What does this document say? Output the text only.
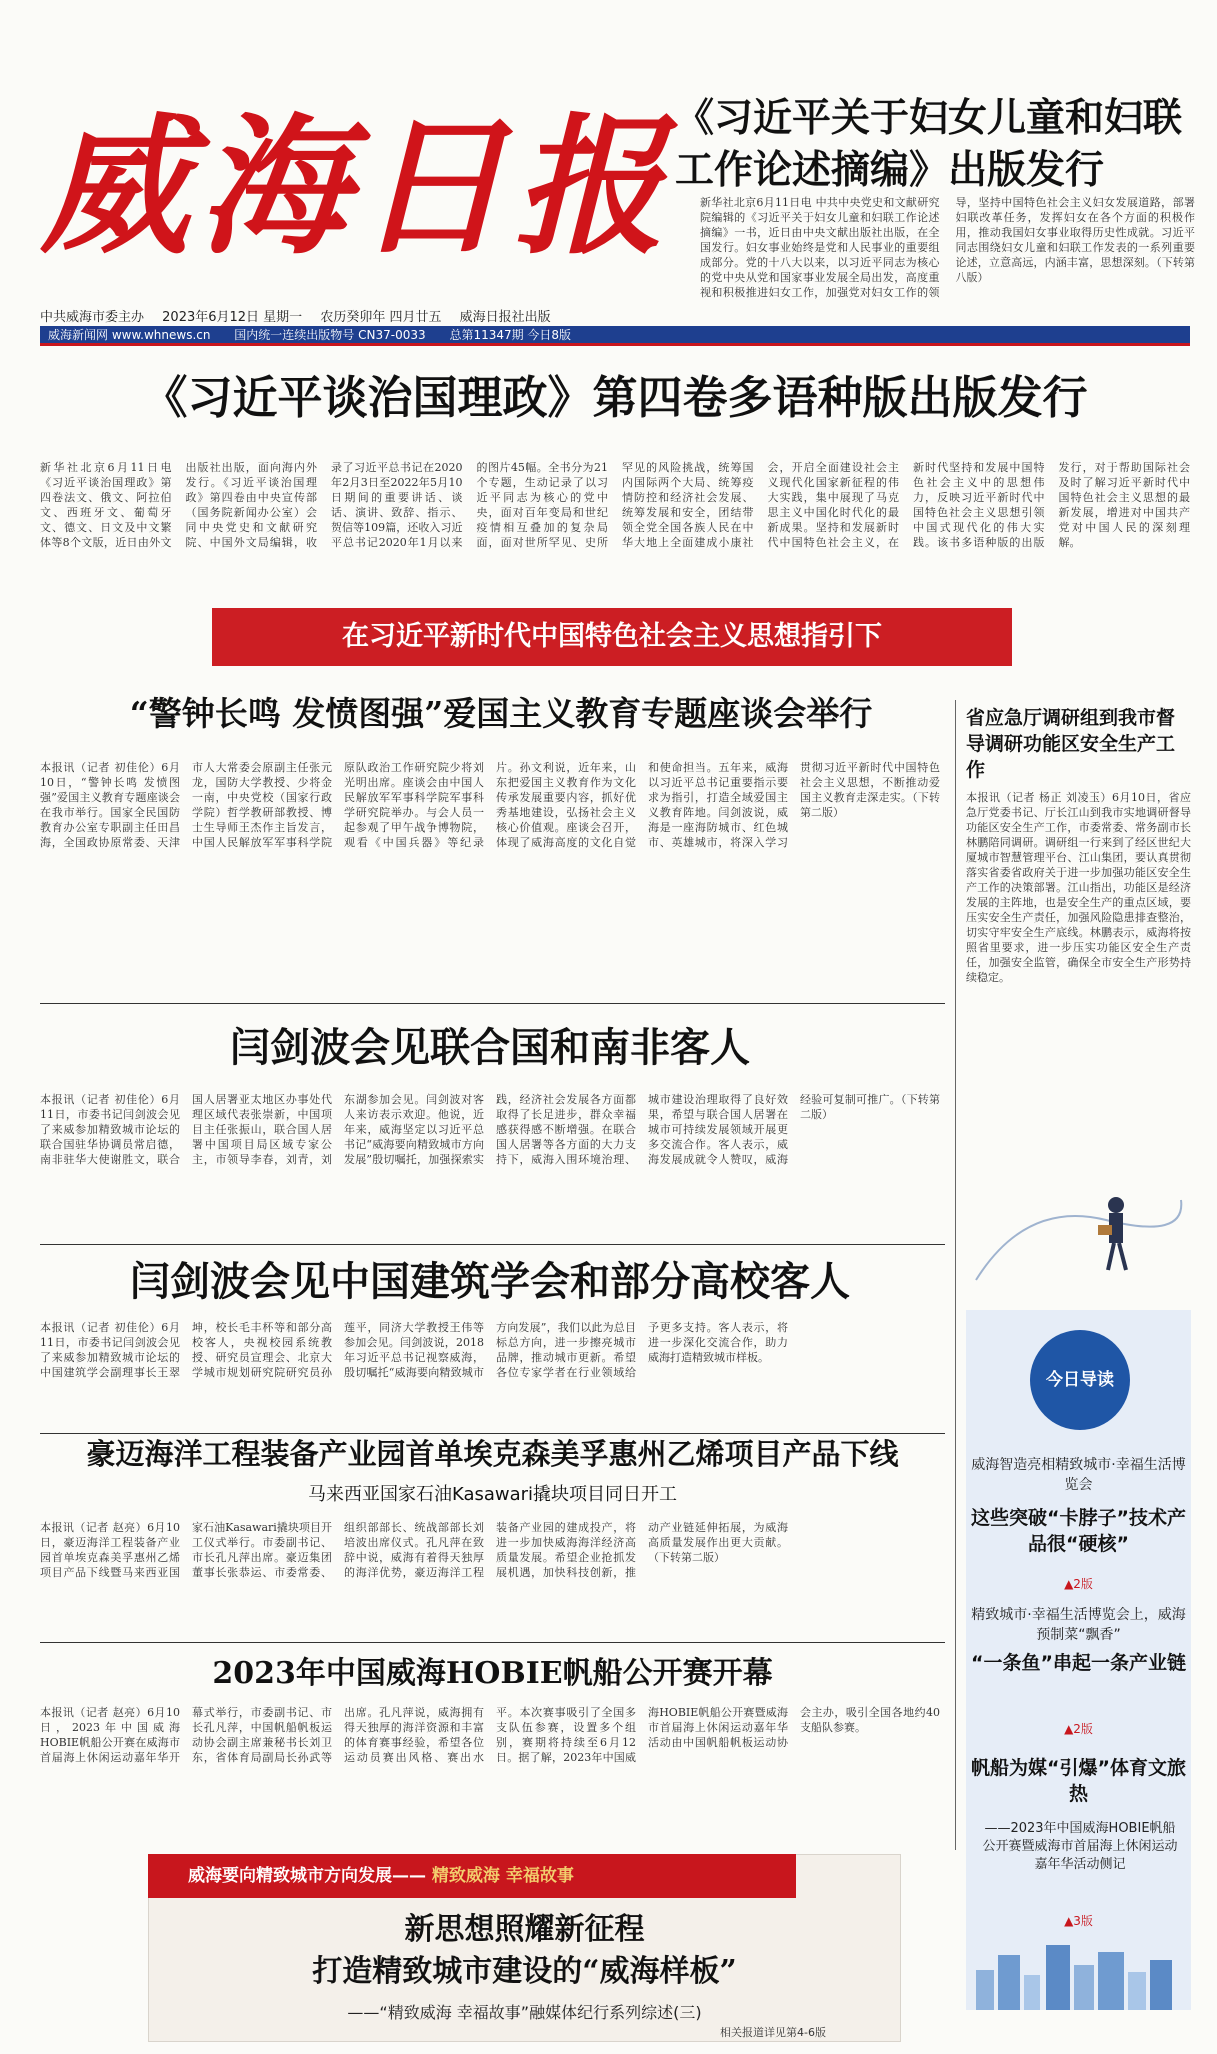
威海日报
中共威海市委主办 2023年6月12日 星期一 农历癸卯年 四月廿五 威海日报社出版
威海新闻网 www.whnews.cn 国内统一连续出版物号 CN37-0033 总第11347期 今日8版
《习近平关于妇女儿童和妇联工作论述摘编》出版发行
新华社北京6月11日电 中共中央党史和文献研究院编辑的《习近平关于妇女儿童和妇联工作论述摘编》一书，近日由中央文献出版社出版，在全国发行。妇女事业始终是党和人民事业的重要组成部分。党的十八大以来，以习近平同志为核心的党中央从党和国家事业发展全局出发，高度重视和积极推进妇女工作，加强党对妇女工作的领导，坚持中国特色社会主义妇女发展道路，部署妇联改革任务，发挥妇女在各个方面的积极作用，推动我国妇女事业取得历史性成就。习近平同志围绕妇女儿童和妇联工作发表的一系列重要论述，立意高远，内涵丰富，思想深刻。（下转第八版）
《习近平谈治国理政》第四卷多语种版出版发行
新华社北京6月11日电 《习近平谈治国理政》第四卷法文、俄文、阿拉伯文、西班牙文、葡萄牙文、德文、日文及中文繁体等8个文版，近日由外文出版社出版，面向海内外发行。《习近平谈治国理政》第四卷由中央宣传部（国务院新闻办公室）会同中央党史和文献研究院、中国外文局编辑，收录了习近平总书记在2020年2月3日至2022年5月10日期间的重要讲话、谈话、演讲、致辞、指示、贺信等109篇，还收入习近平总书记2020年1月以来的图片45幅。全书分为21个专题，生动记录了以习近平同志为核心的党中央，面对百年变局和世纪疫情相互叠加的复杂局面，面对世所罕见、史所罕见的风险挑战，统筹国内国际两个大局、统筹疫情防控和经济社会发展、统筹发展和安全，团结带领全党全国各族人民在中华大地上全面建成小康社会，开启全面建设社会主义现代化国家新征程的伟大实践，集中展现了马克思主义中国化时代化的最新成果。坚持和发展新时代中国特色社会主义，在新时代坚持和发展中国特色社会主义中的思想伟力，反映习近平新时代中国特色社会主义思想引领中国式现代化的伟大实践。该书多语种版的出版发行，对于帮助国际社会及时了解习近平新时代中国特色社会主义思想的最新发展，增进对中国共产党对中国人民的深刻理解。
在习近平新时代中国特色社会主义思想指引下
“警钟长鸣 发愤图强”爱国主义教育专题座谈会举行
本报讯（记者 初佳伦）6月10日，“警钟长鸣 发愤图强”爱国主义教育专题座谈会在我市举行。国家全民国防教育办公室专职副主任田昌海，全国政协原常委、天津市人大常委会原副主任张元龙，国防大学教授、少将金一南，中央党校（国家行政学院）哲学教研部教授、博士生导师王杰作主旨发言，中国人民解放军军事科学院原队政治工作研究院少将刘光明出席。座谈会由中国人民解放军军事科学院军事科学研究院举办。与会人员一起参观了甲午战争博物院，观看《中国兵器》等纪录片。孙文利说，近年来，山东把爱国主义教育作为文化传承发展重要内容，抓好优秀基地建设，弘扬社会主义核心价值观。座谈会召开，体现了威海高度的文化自觉和使命担当。五年来，威海以习近平总书记重要指示要求为指引，打造全域爱国主义教育阵地。闫剑波说，威海是一座海防城市、红色城市、英雄城市，将深入学习贯彻习近平新时代中国特色社会主义思想，不断推动爱国主义教育走深走实。（下转第二版）
闫剑波会见联合国和南非客人
本报讯（记者 初佳伦）6月11日，市委书记闫剑波会见了来威参加精致城市论坛的联合国驻华协调员常启德，南非驻华大使谢胜文，联合国人居署亚太地区办事处代理区域代表张崇新，中国项目主任张振山，联合国人居署中国项目局区域专家公主，市领导李春，刘青，刘东湖参加会见。闫剑波对客人来访表示欢迎。他说，近年来，威海坚定以习近平总书记“威海要向精致城市方向发展”殷切嘱托，加强探索实践，经济社会发展各方面都取得了长足进步，群众幸福感获得感不断增强。在联合国人居署等各方面的大力支持下，威海入围环境治理、城市建设治理取得了良好效果，希望与联合国人居署在城市可持续发展领域开展更多交流合作。客人表示，威海发展成就令人赞叹，威海经验可复制可推广。（下转第二版）
闫剑波会见中国建筑学会和部分高校客人
本报讯（记者 初佳伦）6月11日，市委书记闫剑波会见了来威参加精致城市论坛的中国建筑学会副理事长王翠坤，校长毛丰杯等和部分高校客人，央视校园系统教授、研究员宣理会、北京大学城市规划研究院研究员孙莲平，同济大学教授王伟等参加会见。闫剑波说，2018年习近平总书记视察威海，殷切嘱托“威海要向精致城市方向发展”，我们以此为总目标总方向，进一步擦亮城市品牌，推动城市更新。希望各位专家学者在行业领域给予更多支持。客人表示，将进一步深化交流合作，助力威海打造精致城市样板。
豪迈海洋工程装备产业园首单埃克森美孚惠州乙烯项目产品下线
马来西亚国家石油Kasawari撬块项目同日开工
本报讯（记者 赵亮）6月10日，豪迈海洋工程装备产业园首单埃克森美孚惠州乙烯项目产品下线暨马来西亚国家石油Kasawari撬块项目开工仪式举行。市委副书记、市长孔凡萍出席。豪迈集团董事长张恭运、市委常委、组织部部长、统战部部长刘培波出席仪式。孔凡萍在致辞中说，威海有着得天独厚的海洋优势，豪迈海洋工程装备产业园的建成投产，将进一步加快威海海洋经济高质量发展。希望企业抢抓发展机遇，加快科技创新，推动产业链延伸拓展，为威海高质量发展作出更大贡献。（下转第二版）
2023年中国威海HOBIE帆船公开赛开幕
本报讯（记者 赵亮）6月10日，2023年中国威海HOBIE帆船公开赛在威海市首届海上休闲运动嘉年华开幕式举行，市委副书记、市长孔凡萍，中国帆船帆板运动协会副主席兼秘书长刘卫东，省体育局副局长孙武等出席。孔凡萍说，威海拥有得天独厚的海洋资源和丰富的体育赛事经验，希望各位运动员赛出风格、赛出水平。本次赛事吸引了全国多支队伍参赛，设置多个组别，赛期将持续至6月12日。据了解，2023年中国威海HOBIE帆船公开赛暨威海市首届海上休闲运动嘉年华活动由中国帆船帆板运动协会主办，吸引全国各地约40支船队参赛。
省应急厅调研组到我市督导调研功能区安全生产工作
本报讯（记者 杨正 刘凌玉）6月10日，省应急厅党委书记、厅长江山到我市实地调研督导功能区安全生产工作，市委常委、常务副市长林鹏陪同调研。调研组一行来到了经区世纪大厦城市智慧管理平台、江山集团，要认真贯彻落实省委省政府关于进一步加强功能区安全生产工作的决策部署。江山指出，功能区是经济发展的主阵地，也是安全生产的重点区域，要压实安全生产责任，加强风险隐患排查整治，切实守牢安全生产底线。林鹏表示，威海将按照省里要求，进一步压实功能区安全生产责任，加强安全监管，确保全市安全生产形势持续稳定。
今日导读
威海智造亮相精致城市·幸福生活博览会
这些突破“卡脖子”技术产品很“硬核”
▲2版
精致城市·幸福生活博览会上，威海预制菜“飘香”
“一条鱼”串起一条产业链
▲2版
帆船为媒“引爆”体育文旅热
——2023年中国威海HOBIE帆船公开赛暨威海市首届海上休闲运动嘉年华活动侧记
▲3版
威海要向精致城市方向发展—— 精致威海 幸福故事
新思想照耀新征程
打造精致城市建设的“威海样板”
——“精致威海 幸福故事”融媒体纪行系列综述(三)
相关报道详见第4-6版
